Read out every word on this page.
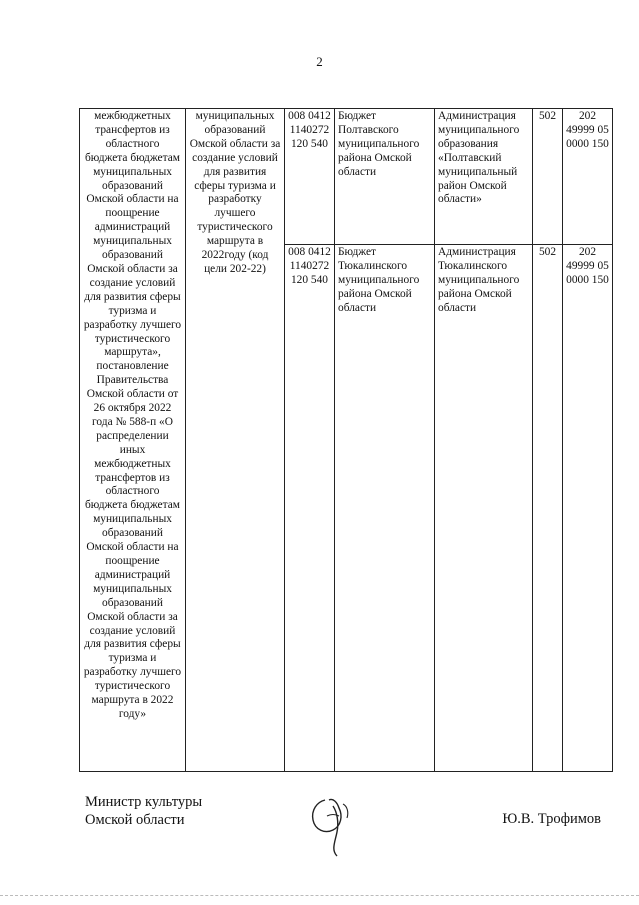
2
межбюджетных трансфертов из областного бюджета бюджетам муниципальных образований Омской области на поощрение администраций муниципальных образований Омской области за создание условий для развития сферы туризма и разработку лучшего туристического маршрута», постановление Правительства Омской области от 26 октября 2022 года № 588-п «О распределении иных межбюджетных трансфертов из областного бюджета бюджетам муниципальных образований Омской области на поощрение администраций муниципальных образований Омской области за создание условий для развития сферы туризма и разработку лучшего туристического маршрута в 2022 году»	муниципальных образований Омской области за создание условий для развития сферы туризма и разработку лучшего туристического маршрута в 2022году (код цели 202-22)	008 0412 1140272 120 540	Бюджет Полтавского муниципального района Омской области	Администрация муниципального образования «Полтавский муниципальный район Омской области»	502	202 49999 05 0000 150
		008 0412 1140272 120 540	Бюджет Тюкалинского муниципального района Омской области	Администрация Тюкалинского муниципального района Омской области	502	202 49999 05 0000 150
Министр культуры
Омской области	Ю.В. Трофимов
